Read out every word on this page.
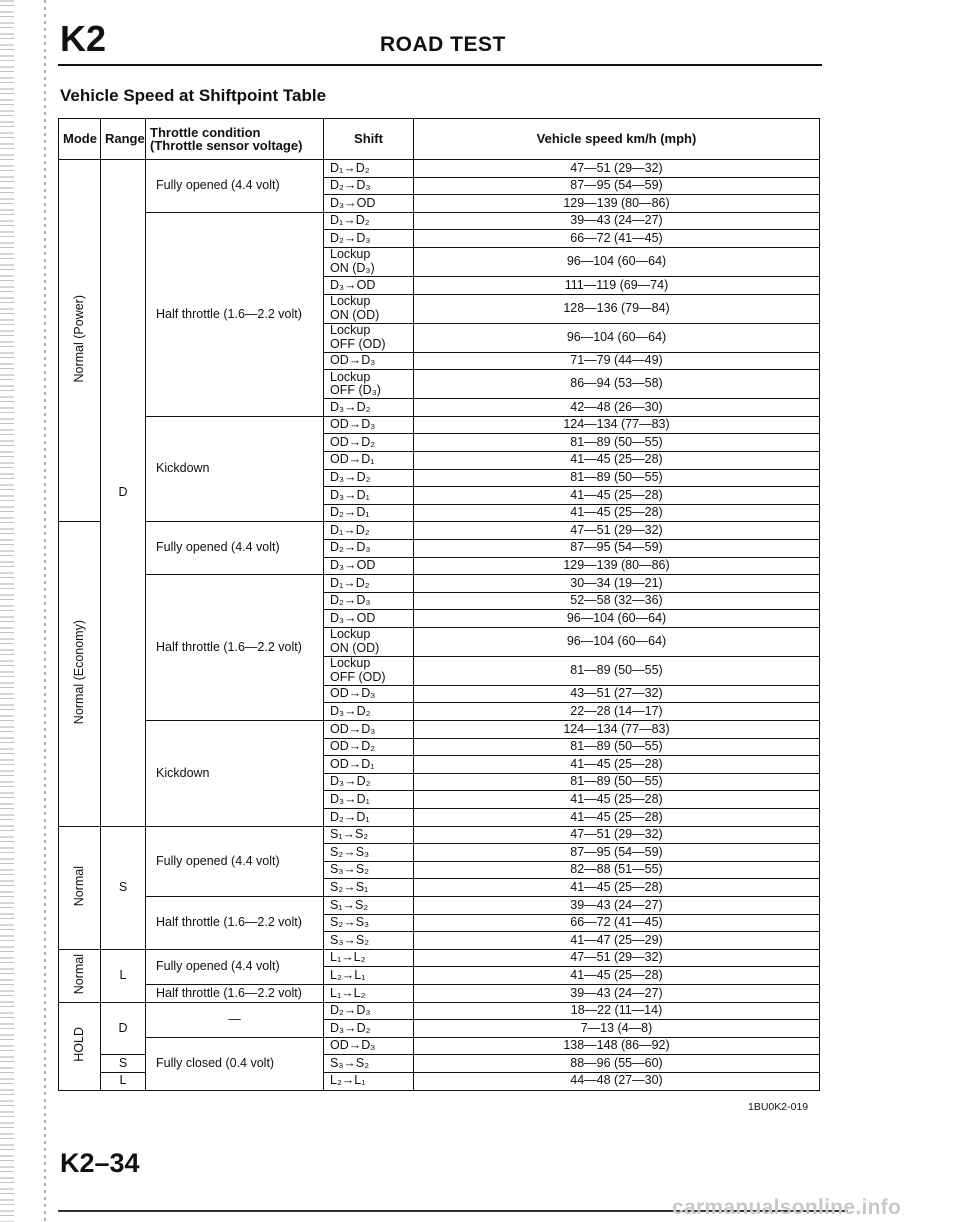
K2	ROAD TEST
Vehicle Speed at Shiftpoint Table
Mode	Range	Throttle condition
(Throttle sensor voltage)	Shift	Vehicle speed km/h (mph)
Normal (Power)	D	Fully opened (4.4 volt)	D₁→D₂	47—51 (29—32)
			D₂→D₃	87—95 (54—59)
			D₃→OD	129—139 (80—86)
		Half throttle (1.6—2.2 volt)	D₁→D₂	39—43 (24—27)
			D₂→D₃	66—72 (41—45)
			Lockup
ON (D₃)	96—104 (60—64)
			D₃→OD	111—119 (69—74)
			Lockup
ON (OD)	128—136 (79—84)
			Lockup
OFF (OD)	96—104 (60—64)
			OD→D₃	71—79 (44—49)
			Lockup
OFF (D₃)	86—94 (53—58)
			D₃→D₂	42—48 (26—30)
		Kickdown	OD→D₃	124—134 (77—83)
			OD→D₂	81—89 (50—55)
			OD→D₁	41—45 (25—28)
			D₃→D₂	81—89 (50—55)
			D₃→D₁	41—45 (25—28)
			D₂→D₁	41—45 (25—28)
Normal (Economy)		Fully opened (4.4 volt)	D₁→D₂	47—51 (29—32)
			D₂→D₃	87—95 (54—59)
			D₃→OD	129—139 (80—86)
		Half throttle (1.6—2.2 volt)	D₁→D₂	30—34 (19—21)
			D₂→D₃	52—58 (32—36)
			D₃→OD	96—104 (60—64)
			Lockup
ON (OD)	96—104 (60—64)
			Lockup
OFF (OD)	81—89 (50—55)
			OD→D₃	43—51 (27—32)
			D₃→D₂	22—28 (14—17)
		Kickdown	OD→D₃	124—134 (77—83)
			OD→D₂	81—89 (50—55)
			OD→D₁	41—45 (25—28)
			D₃→D₂	81—89 (50—55)
			D₃→D₁	41—45 (25—28)
			D₂→D₁	41—45 (25—28)
Normal	S	Fully opened (4.4 volt)	S₁→S₂	47—51 (29—32)
			S₂→S₃	87—95 (54—59)
			S₃→S₂	82—88 (51—55)
			S₂→S₁	41—45 (25—28)
		Half throttle (1.6—2.2 volt)	S₁→S₂	39—43 (24—27)
			S₂→S₃	66—72 (41—45)
			S₃→S₂	41—47 (25—29)
Normal	L	Fully opened (4.4 volt)	L₁→L₂	47—51 (29—32)
			L₂→L₁	41—45 (25—28)
		Half throttle (1.6—2.2 volt)	L₁→L₂	39—43 (24—27)
HOLD	D	—	D₂→D₃	18—22 (11—14)
			D₃→D₂	7—13 (4—8)
		Fully closed (0.4 volt)	OD→D₃	138—148 (86—92)
	S		S₃→S₂	88—96 (55—60)
	L		L₂→L₁	44—48 (27—30)
1BU0K2-019
K2–34
carmanualsonline.info
